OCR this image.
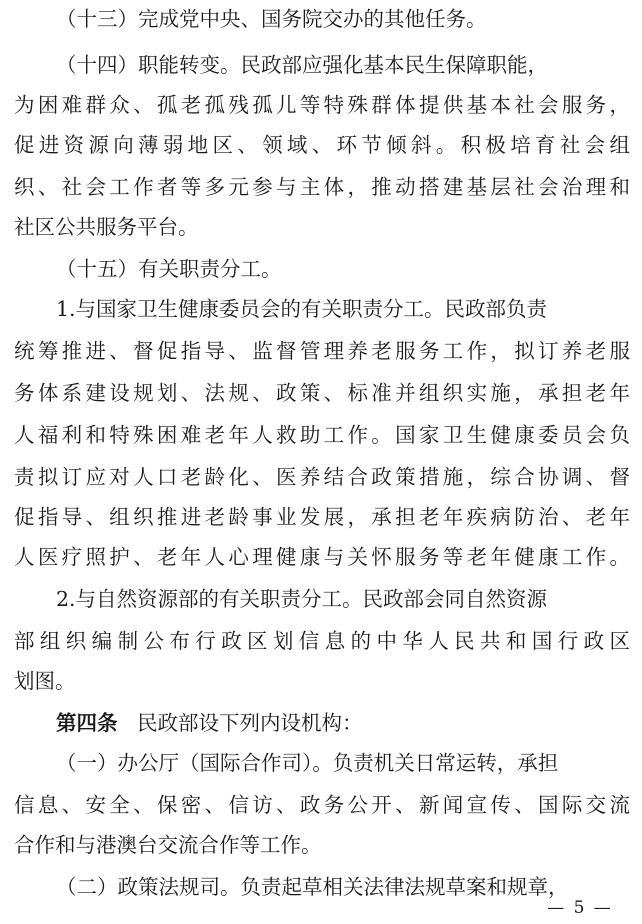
（十三）完成党中央、国务院交办的其他任务。
（十四）职能转变。民政部应强化基本民生保障职能，
为困难群众、孤老孤残孤儿等特殊群体提供基本社会服务，
促进资源向薄弱地区、领域、环节倾斜。积极培育社会组
织、社会工作者等多元参与主体，推动搭建基层社会治理和
社区公共服务平台。
（十五）有关职责分工。
1.与国家卫生健康委员会的有关职责分工。民政部负责
统筹推进、督促指导、监督管理养老服务工作，拟订养老服
务体系建设规划、法规、政策、标准并组织实施，承担老年
人福利和特殊困难老年人救助工作。国家卫生健康委员会负
责拟订应对人口老龄化、医养结合政策措施，综合协调、督
促指导、组织推进老龄事业发展，承担老年疾病防治、老年
人医疗照护、老年人心理健康与关怀服务等老年健康工作。
2.与自然资源部的有关职责分工。民政部会同自然资源
部组织编制公布行政区划信息的中华人民共和国行政区
划图。
第四条 民政部设下列内设机构：
（一）办公厅（国际合作司）。负责机关日常运转，承担
信息、安全、保密、信访、政务公开、新闻宣传、国际交流
合作和与港澳台交流合作等工作。
（二）政策法规司。负责起草相关法律法规草案和规章，
— 5 —
